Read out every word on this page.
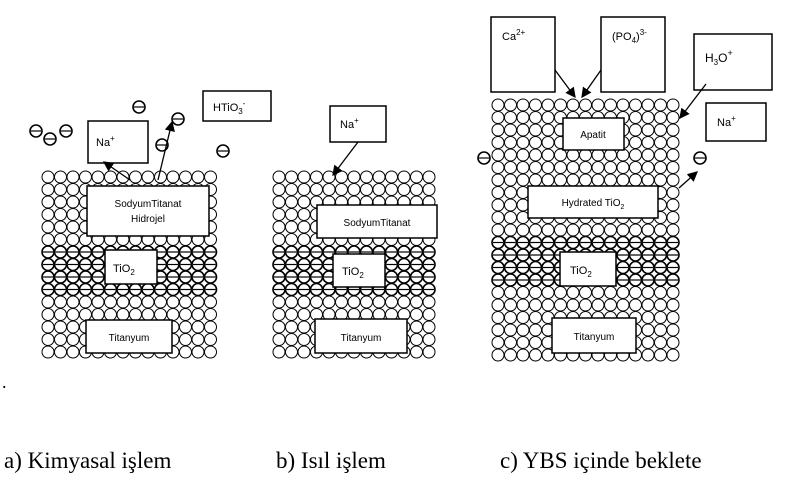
Na+
HTiO$_3$-
SodyumTitanat
Hidrojel
TiO$_2$
Titanyum
Na+
SodyumTitanat
TiO$_2$
Titanyum
$Ca^{2+}$	$(PO_4)^{3-}$
$H_3O^+$
Na+
Apatit
Hydrated TiO$_2$
TiO$_2$
Titanyum
.
a) Kimyasal işlem	b) Isıl işlem	c) YBS içinde beklete
